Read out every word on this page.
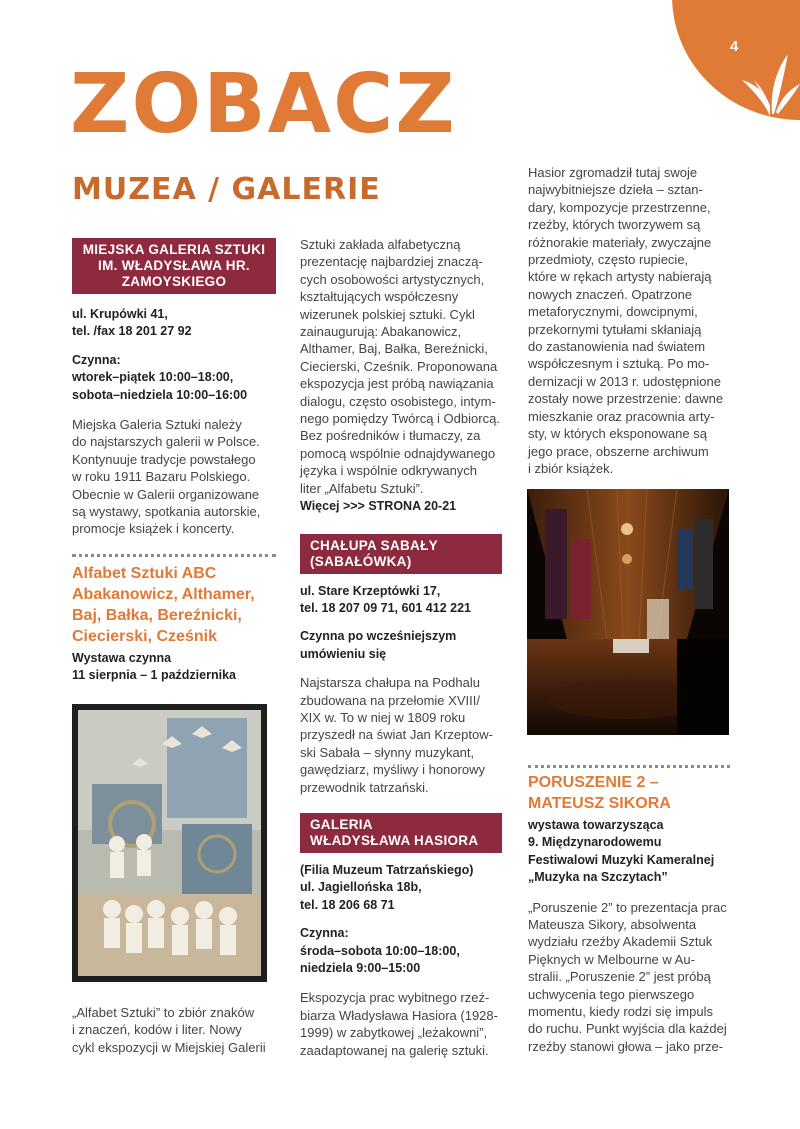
4
ZOBACZ
MUZEA / GALERIE
MIEJSKA GALERIA SZTUKI
IM. WŁADYSŁAWA HR.
ZAMOYSKIEGO

ul. Krupówki 41,

tel. /fax 18 201 27 92

Czynna:

wtorek–piątek 10:00–18:00,

sobota–niedziela 10:00–16:00

Miejska Galeria Sztuki należy

do najstarszych galerii w Polsce.

Kontynuuje tradycje powstałego

w roku 1911 Bazaru Polskiego.

Obecnie w Galerii organizowane

są wystawy, spotkania autorskie,

promocje książek i koncerty.

Alfabet Sztuki ABC

Abakanowicz, Althamer,

Baj, Bałka, Bereźnicki,

Ciecierski, Cześnik

Wystawa czynna

11 sierpnia – 1 października

„Alfabet Sztuki” to zbiór znaków

i znaczeń, kodów i liter. Nowy

cykl ekspozycji w Miejskiej Galerii

Sztuki zakłada alfabetyczną

prezentację najbardziej znaczą-

cych osobowości artystycznych,

kształtujących współczesny

wizerunek polskiej sztuki. Cykl

zainaugurują: Abakanowicz,

Althamer, Baj, Bałka, Bereźnicki,

Ciecierski, Cześnik. Proponowana

ekspozycja jest próbą nawiązania

dialogu, często osobistego, intym-

nego pomiędzy Twórcą i Odbiorcą.

Bez pośredników i tłumaczy, za

pomocą wspólnie odnajdywanego

języka i wspólnie odkrywanych

liter „Alfabetu Sztuki”.

Więcej >>> STRONA 20-21

CHAŁUPA SABAŁY
(SABAŁÓWKA)

ul. Stare Krzeptówki 17,

tel. 18 207 09 71, 601 412 221

Czynna po wcześniejszym

umówieniu się

Najstarsza chałupa na Podhalu

zbudowana na przełomie XVIII/

XIX w. To w niej w 1809 roku

przyszedł na świat Jan Krzeptow-

ski Sabała – słynny muzykant,

gawędziarz, myśliwy i honorowy

przewodnik tatrzański.

GALERIA
WŁADYSŁAWA HASIORA

(Filia Muzeum Tatrzańskiego)

ul. Jagiellońska 18b,

tel. 18 206 68 71

Czynna:

środa–sobota 10:00–18:00,

niedziela 9:00–15:00

Ekspozycja prac wybitnego rzeź-

biarza Władysława Hasiora (1928-

1999) w zabytkowej „leżakowni”,

zaadaptowanej na galerię sztuki.

Hasior zgromadził tutaj swoje

najwybitniejsze dzieła – sztan-

dary, kompozycje przestrzenne,

rzeźby, których tworzywem są

różnorakie materiały, zwyczajne

przedmioty, często rupiecie,

które w rękach artysty nabierają

nowych znaczeń. Opatrzone

metaforycznymi, dowcipnymi,

przekornymi tytułami skłaniają

do zastanowienia nad światem

współczesnym i sztuką. Po mo-

dernizacji w 2013 r. udostępnione

zostały nowe przestrzenie: dawne

mieszkanie oraz pracownia arty-

sty, w których eksponowane są

jego prace, obszerne archiwum

i zbiór książek.

PORUSZENIE 2 –

MATEUSZ SIKORA

wystawa towarzysząca

9. Międzynarodowemu

Festiwalowi Muzyki Kameralnej

„Muzyka na Szczytach”

„Poruszenie 2” to prezentacja prac

Mateusza Sikory, absolwenta

wydziału rzeźby Akademii Sztuk

Pięknych w Melbourne w Au-

stralii. „Poruszenie 2” jest próbą

uchwycenia tego pierwszego

momentu, kiedy rodzi się impuls

do ruchu. Punkt wyjścia dla każdej

rzeźby stanowi głowa – jako prze-
